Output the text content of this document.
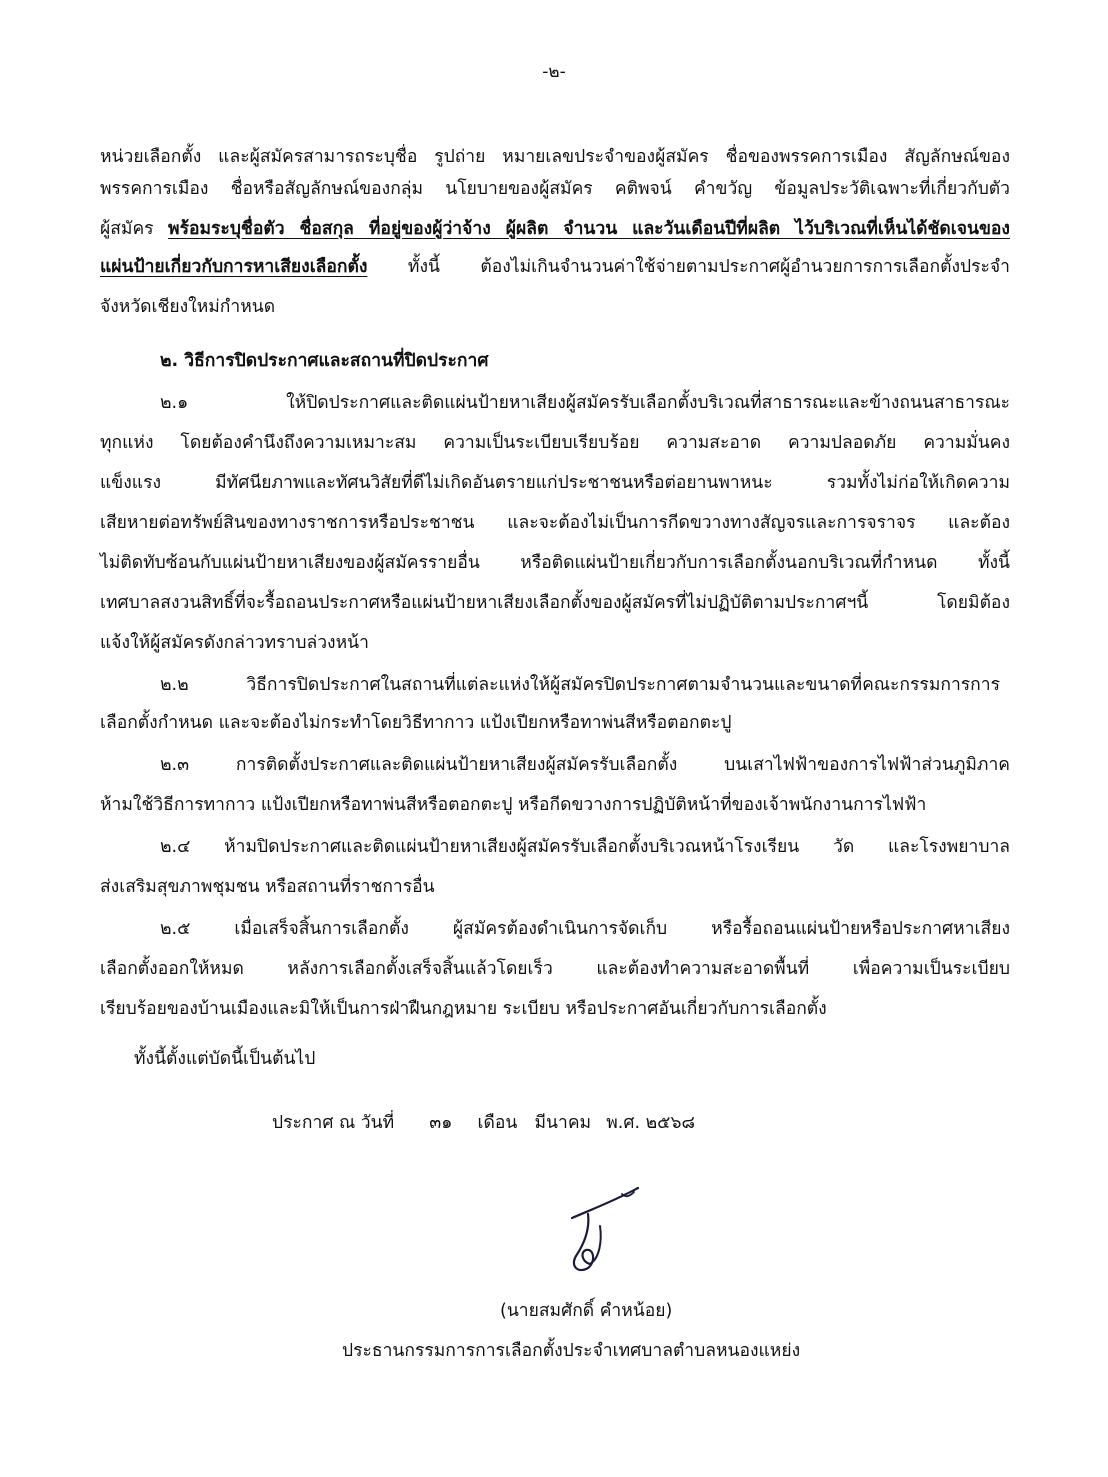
-๒-
หน่วยเลือกตั้ง และผู้สมัครสามารถระบุชื่อ รูปถ่าย หมายเลขประจำของผู้สมัคร ชื่อของพรรคการเมือง สัญลักษณ์ของ
พรรคการเมือง ชื่อหรือสัญลักษณ์ของกลุ่ม นโยบายของผู้สมัคร คติพจน์ คำขวัญ ข้อมูลประวัติเฉพาะที่เกี่ยวกับตัว
ผู้สมัคร พร้อมระบุชื่อตัว ชื่อสกุล ที่อยู่ของผู้ว่าจ้าง ผู้ผลิต จำนวน และวันเดือนปีที่ผลิต ไว้บริเวณที่เห็นได้ชัดเจนของ
แผ่นป้ายเกี่ยวกับการหาเสียงเลือกตั้ง ทั้งนี้ ต้องไม่เกินจำนวนค่าใช้จ่ายตามประกาศผู้อำนวยการการเลือกตั้งประจำ
จังหวัดเชียงใหม่กำหนด
๒. วิธีการปิดประกาศและสถานที่ปิดประกาศ
๒.๑ ให้ปิดประกาศและติดแผ่นป้ายหาเสียงผู้สมัครรับเลือกตั้งบริเวณที่สาธารณะและข้างถนนสาธารณะ
ทุกแห่ง โดยต้องคำนึงถึงความเหมาะสม ความเป็นระเบียบเรียบร้อย ความสะอาด ความปลอดภัย ความมั่นคง
แข็งแรง มีทัศนียภาพและทัศนวิสัยที่ดีไม่เกิดอันตรายแก่ประชาชนหรือต่อยานพาหนะ รวมทั้งไม่ก่อให้เกิดความ
เสียหายต่อทรัพย์สินของทางราชการหรือประชาชน และจะต้องไม่เป็นการกีดขวางทางสัญจรและการจราจร และต้อง
ไม่ติดทับซ้อนกับแผ่นป้ายหาเสียงของผู้สมัครรายอื่น หรือติดแผ่นป้ายเกี่ยวกับการเลือกตั้งนอกบริเวณที่กำหนด ทั้งนี้
เทศบาลสงวนสิทธิ์ที่จะรื้อถอนประกาศหรือแผ่นป้ายหาเสียงเลือกตั้งของผู้สมัครที่ไม่ปฏิบัติตามประกาศฯนี้ โดยมิต้อง
แจ้งให้ผู้สมัครดังกล่าวทราบล่วงหน้า
๒.๒ วิธีการปิดประกาศในสถานที่แต่ละแห่งให้ผู้สมัครปิดประกาศตามจำนวนและขนาดที่คณะกรรมการการ
เลือกตั้งกำหนด และจะต้องไม่กระทำโดยวิธีทากาว แป้งเปียกหรือทาพ่นสีหรือตอกตะปู
๒.๓ การติดตั้งประกาศและติดแผ่นป้ายหาเสียงผู้สมัครรับเลือกตั้ง บนเสาไฟฟ้าของการไฟฟ้าส่วนภูมิภาค
ห้ามใช้วิธีการทากาว แป้งเปียกหรือทาพ่นสีหรือตอกตะปู หรือกีดขวางการปฏิบัติหน้าที่ของเจ้าพนักงานการไฟฟ้า
๒.๔ ห้ามปิดประกาศและติดแผ่นป้ายหาเสียงผู้สมัครรับเลือกตั้งบริเวณหน้าโรงเรียน วัด และโรงพยาบาล
ส่งเสริมสุขภาพชุมชน หรือสถานที่ราชการอื่น
๒.๕ เมื่อเสร็จสิ้นการเลือกตั้ง ผู้สมัครต้องดำเนินการจัดเก็บ หรือรื้อถอนแผ่นป้ายหรือประกาศหาเสียง
เลือกตั้งออกให้หมด หลังการเลือกตั้งเสร็จสิ้นแล้วโดยเร็ว และต้องทำความสะอาดพื้นที่ เพื่อความเป็นระเบียบ
เรียบร้อยของบ้านเมืองและมิให้เป็นการฝ่าฝืนกฎหมาย ระเบียบ หรือประกาศอันเกี่ยวกับการเลือกตั้ง
ทั้งนี้ตั้งแต่บัดนี้เป็นต้นไป
ประกาศ ณ วันที่ ๓๑ เดือน มีนาคม พ.ศ. ๒๕๖๘
(นายสมศักดิ์ คำหน้อย)
ประธานกรรมการการเลือกตั้งประจำเทศบาลตำบลหนองแหย่ง
